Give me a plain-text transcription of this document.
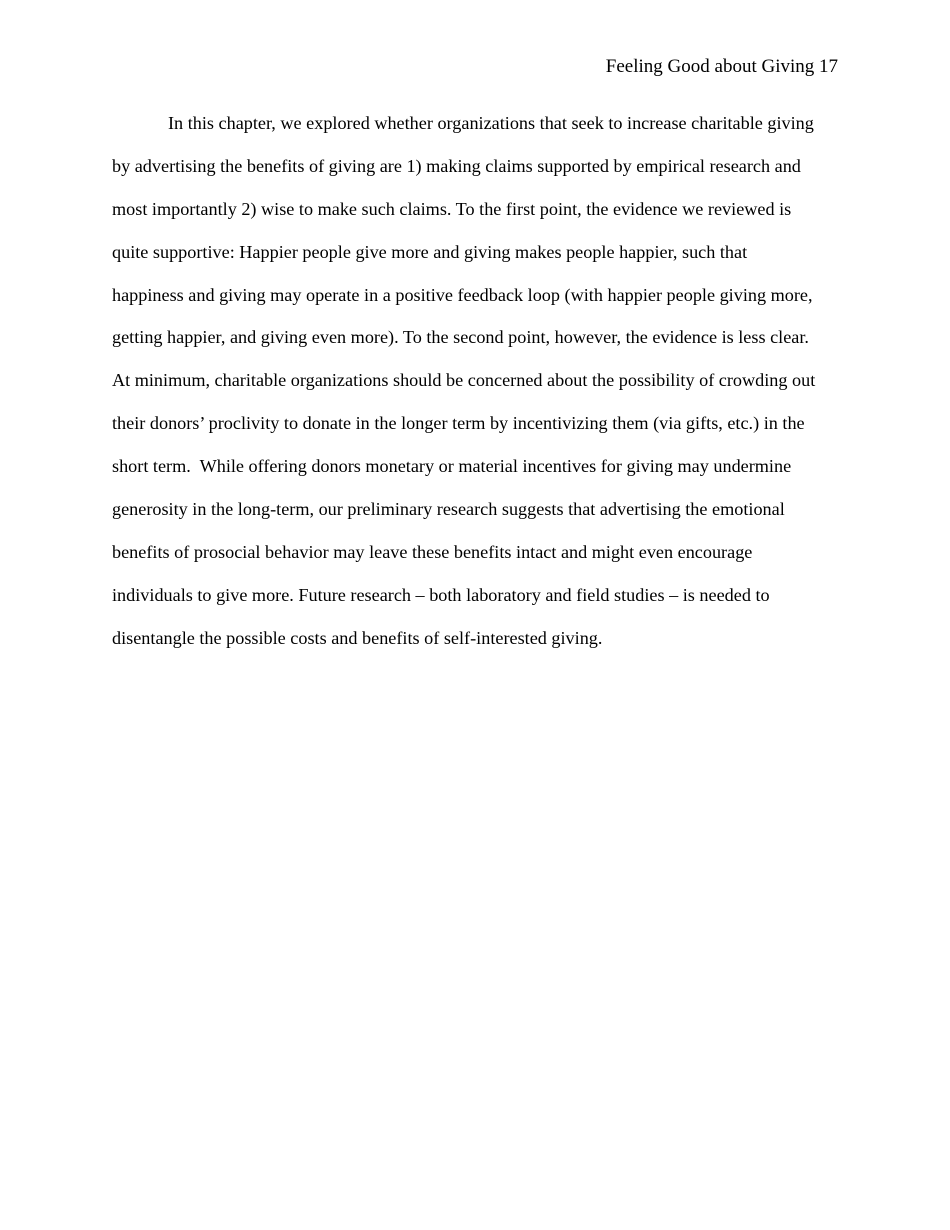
Feeling Good about Giving 17
In this chapter, we explored whether organizations that seek to increase charitable giving
by advertising the benefits of giving are 1) making claims supported by empirical research and
most importantly 2) wise to make such claims. To the first point, the evidence we reviewed is
quite supportive: Happier people give more and giving makes people happier, such that
happiness and giving may operate in a positive feedback loop (with happier people giving more,
getting happier, and giving even more). To the second point, however, the evidence is less clear.
At minimum, charitable organizations should be concerned about the possibility of crowding out
their donors’ proclivity to donate in the longer term by incentivizing them (via gifts, etc.) in the
short term.  While offering donors monetary or material incentives for giving may undermine
generosity in the long-term, our preliminary research suggests that advertising the emotional
benefits of prosocial behavior may leave these benefits intact and might even encourage
individuals to give more. Future research – both laboratory and field studies – is needed to
disentangle the possible costs and benefits of self-interested giving.
